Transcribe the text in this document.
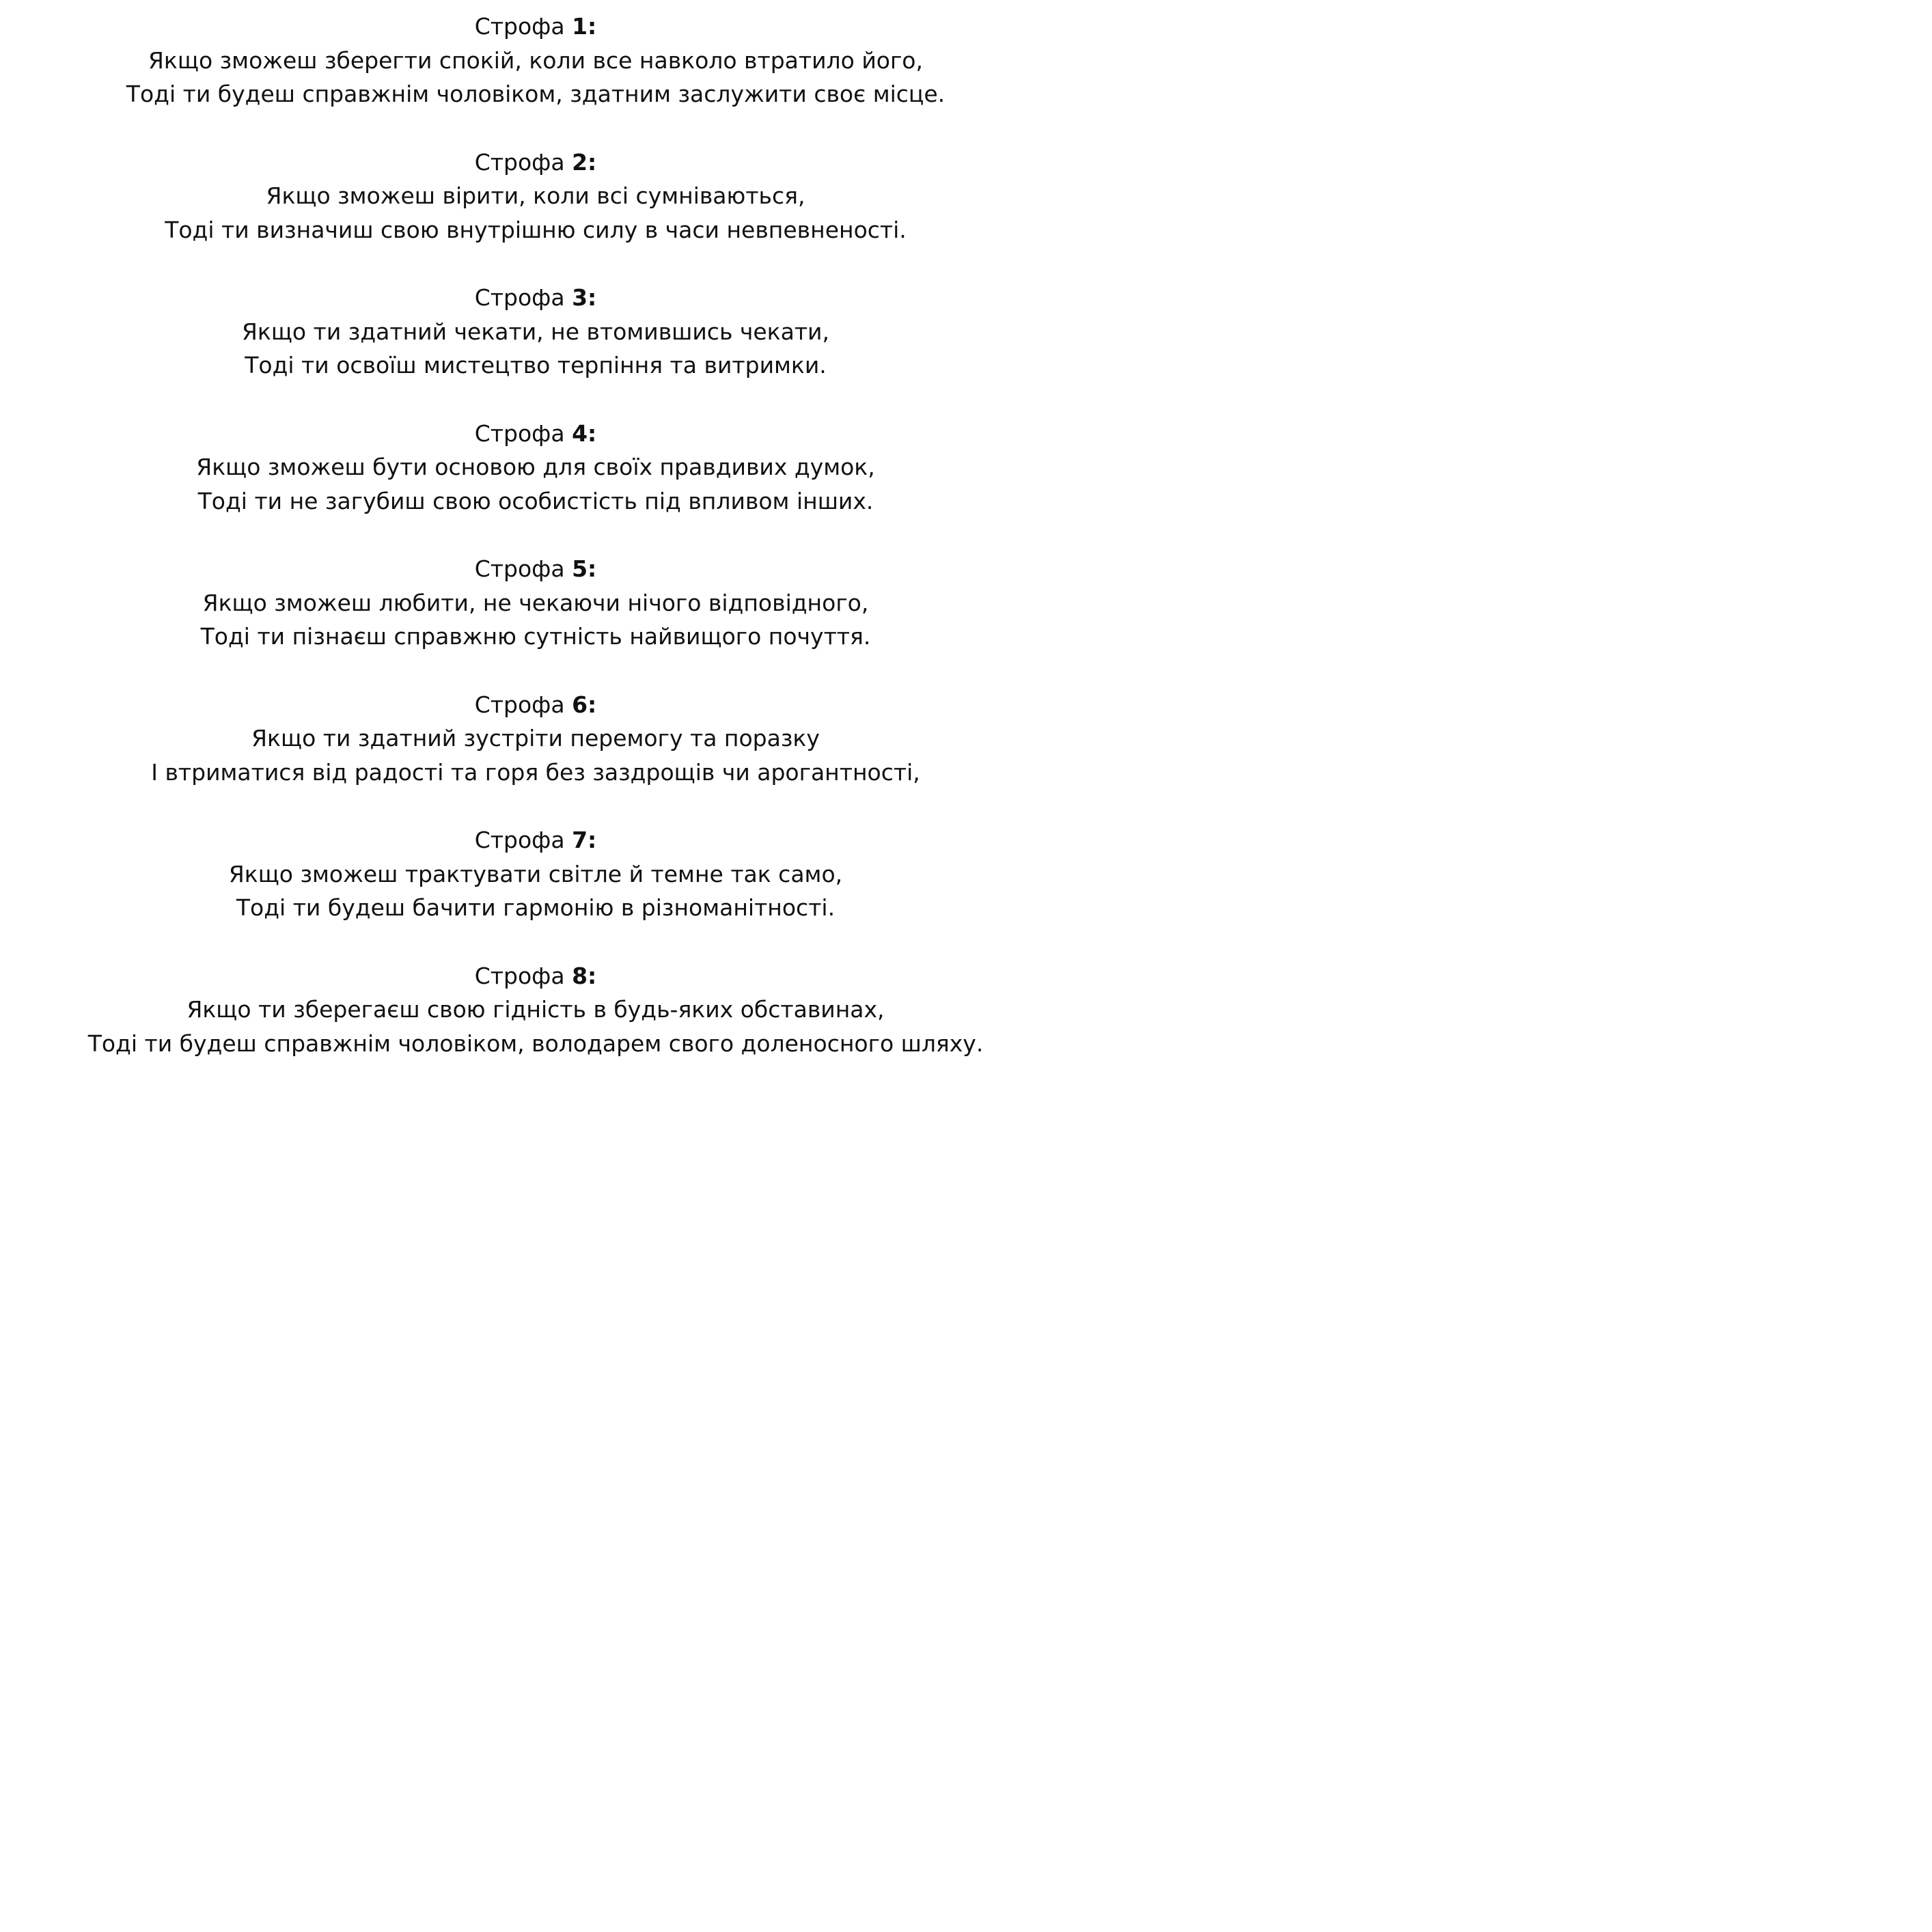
Строфа 1:
Якщо зможеш зберегти спокій, коли все навколо втратило його,
Тоді ти будеш справжнім чоловіком, здатним заслужити своє місце.
Строфа 2:
Якщо зможеш вірити, коли всі сумніваються,
Тоді ти визначиш свою внутрішню силу в часи невпевненості.
Строфа 3:
Якщо ти здатний чекати, не втомившись чекати,
Тоді ти освоїш мистецтво терпіння та витримки.
Строфа 4:
Якщо зможеш бути основою для своїх правдивих думок,
Тоді ти не загубиш свою особистість під впливом інших.
Строфа 5:
Якщо зможеш любити, не чекаючи нічого відповідного,
Тоді ти пізнаєш справжню сутність найвищого почуття.
Строфа 6:
Якщо ти здатний зустріти перемогу та поразку
І втриматися від радості та горя без заздрощів чи арогантності,
Строфа 7:
Якщо зможеш трактувати світле й темне так само,
Тоді ти будеш бачити гармонію в різноманітності.
Строфа 8:
Якщо ти зберегаєш свою гідність в будь-яких обставинах,
Тоді ти будеш справжнім чоловіком, володарем свого доленосного шляху.
